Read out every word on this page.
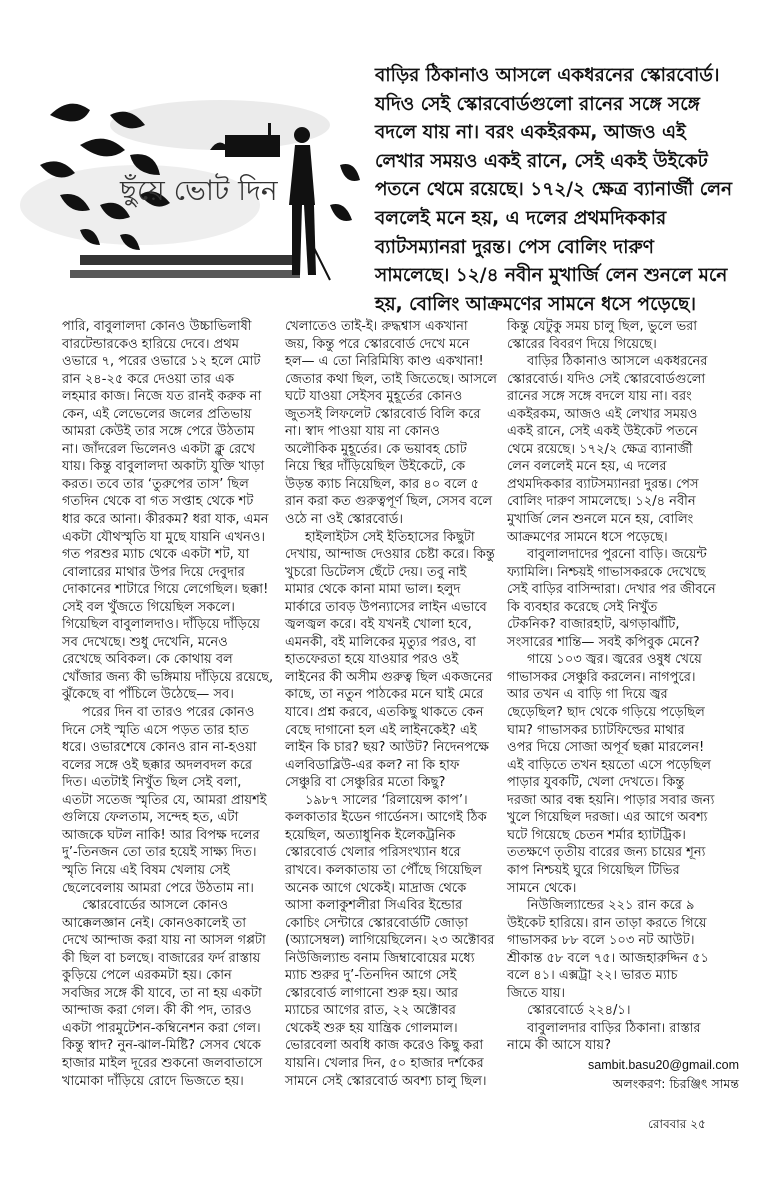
ছুঁয়ে ভোট দিন
বাড়ির ঠিকানাও আসলে একধরনের স্কোরবোর্ড।
যদিও সেই স্কোরবোর্ডগুলো রানের সঙ্গে সঙ্গে
বদলে যায় না। বরং একইরকম, আজও এই
লেখার সময়ও একই রানে, সেই একই উইকেট
পতনে থেমে রয়েছে। ১৭২/২ ক্ষেত্র ব্যানার্জী লেন
বললেই মনে হয়, এ দলের প্রথমদিককার
ব্যাটসম্যানরা দুরন্ত। পেস বোলিং দারুণ
সামলেছে। ১২/৪ নবীন মুখার্জি লেন শুনলে মনে
হয়, বোলিং আক্রমণের সামনে ধসে পড়েছে।
পারি, বাবুলালদা কোনও উচ্চাভিলাষী
বারটেন্ডারকেও হারিয়ে দেবে। প্রথম
ওভারে ৭, পরের ওভারে ১২ হলে মোট
রান ২৪-২৫ করে দেওয়া তার এক
লহমার কাজ। নিজে যত রানই করুক না
কেন, এই লেভেলের জলের প্রতিভায়
আমরা কেউই তার সঙ্গে পেরে উঠতাম
না। জাঁদরেল ভিলেনও একটা ক্লু রেখে
যায়। কিন্তু বাবুলালদা অকাট্য যুক্তি খাড়া
করত। তবে তার ‘তুরুপের তাস’ ছিল
গতদিন থেকে বা গত সপ্তাহ থেকে শট
ধার করে আনা। কীরকম? ধরা যাক, এমন
একটা যৌথস্মৃতি যা মুছে যায়নি এখনও।
গত পরশুর ম্যাচ থেকে একটা শট, যা
বোলারের মাথার উপর দিয়ে দেবুদার
দোকানের শাটারে গিয়ে লেগেছিল। ছক্কা!
সেই বল খুঁজতে গিয়েছিল সকলে।
গিয়েছিল বাবুলালদাও। দাঁড়িয়ে দাঁড়িয়ে
সব দেখেছে। শুধু দেখেনি, মনেও
রেখেছে অবিকল। কে কোথায় বল
খোঁজার জন্য কী ভঙ্গিমায় দাঁড়িয়ে রয়েছে,
ঝুঁকেছে বা পাঁচিলে উঠেছে— সব।
পরের দিন বা তারও পরের কোনও
দিনে সেই স্মৃতি এসে পড়ত তার হাত
ধরে। ওভারশেষে কোনও রান না-হওয়া
বলের সঙ্গে ওই ছক্কার অদলবদল করে
দিত। এতটাই নিখুঁত ছিল সেই বলা,
এতটা সতেজ স্মৃতির যে, আমরা প্রায়শই
গুলিয়ে ফেলতাম, সন্দেহ হত, এটা
আজকে ঘটল নাকি! আর বিপক্ষ দলের
দু’-তিনজন তো তার হয়েই সাক্ষ্য দিত।
স্মৃতি নিয়ে এই বিষম খেলায় সেই
ছেলেবেলায় আমরা পেরে উঠতাম না।
স্কোরবোর্ডের আসলে কোনও
আক্কেলজ্ঞান নেই। কোনওকালেই তা
দেখে আন্দাজ করা যায় না আসল গপ্পটা
কী ছিল বা চলছে। বাজারের ফর্দ রাস্তায়
কুড়িয়ে পেলে এরকমটা হয়। কোন
সবজির সঙ্গে কী যাবে, তা না হয় একটা
আন্দাজ করা গেল। কী কী পদ, তারও
একটা পারমুটেশন-কম্বিনেশন করা গেল।
কিন্তু স্বাদ? নুন-ঝাল-মিষ্টি? সেসব থেকে
হাজার মাইল দূরের শুকনো জলবাতাসে
খামোকা দাঁড়িয়ে রোদে ভিজতে হয়।
খেলাতেও তাই-ই। রুদ্ধশ্বাস একখানা
জয়, কিন্তু পরে স্কোরবোর্ড দেখে মনে
হল— এ তো নিরিমিষ্যি কাণ্ড একখানা!
জেতার কথা ছিল, তাই জিতেছে। আসলে
ঘটে যাওয়া সেইসব মুহূর্তের কোনও
জুতসই লিফলেট স্কোরবোর্ড বিলি করে
না। স্বাদ পাওয়া যায় না কোনও
অলৌকিক মুহূর্তের। কে ভয়াবহ চোট
নিয়ে স্থির দাঁড়িয়েছিল উইকেটে, কে
উড়ন্ত ক্যাচ নিয়েছিল, কার ৪০ বলে ৫
রান করা কত গুরুত্বপূর্ণ ছিল, সেসব বলে
ওঠে না ওই স্কোরবোর্ড।
হাইলাইটস সেই ইতিহাসের কিছুটা
দেখায়, আন্দাজ দেওয়ার চেষ্টা করে। কিন্তু
খুচরো ডিটেলস ছেঁটে দেয়। তবু নাই
মামার থেকে কানা মামা ভাল। হলুদ
মার্কারে তাবড় উপন্যাসের লাইন এভাবে
জ্বলজ্বল করে। বই যখনই খোলা হবে,
এমনকী, বই মালিকের মৃত্যুর পরও, বা
হাতফেরতা হয়ে যাওয়ার পরও ওই
লাইনের কী অসীম গুরুত্ব ছিল একজনের
কাছে, তা নতুন পাঠকের মনে ঘাই মেরে
যাবে। প্রশ্ন করবে, এতকিছু থাকতে কেন
বেছে দাগানো হল এই লাইনকেই? এই
লাইন কি চার? ছয়? আউট? নিদেনপক্ষে
এলবিডাব্লিউ-এর কল? না কি হাফ
সেঞ্চুরি বা সেঞ্চুরির মতো কিছু?
১৯৮৭ সালের ‘রিলায়েন্স কাপ’।
কলকাতার ইডেন গার্ডেনস। আগেই ঠিক
হয়েছিল, অত্যাধুনিক ইলেকট্রনিক
স্কোরবোর্ড খেলার পরিসংখ্যান ধরে
রাখবে। কলকাতায় তা পৌঁছে গিয়েছিল
অনেক আগে থেকেই। মাদ্রাজ থেকে
আসা কলাকুশলীরা সিএবির ইন্ডোর
কোচিং সেন্টারে স্কোরবোর্ডটি জোড়া
(অ্যাসেম্বল) লাগিয়েছিলেন। ২৩ অক্টোবর
নিউজিল্যান্ড বনাম জিম্বাবোয়ের মধ্যে
ম্যাচ শুরুর দু’-তিনদিন আগে সেই
স্কোরবোর্ড লাগানো শুরু হয়। আর
ম্যাচের আগের রাত, ২২ অক্টোবর
থেকেই শুরু হয় যান্ত্রিক গোলমাল।
ভোরবেলা অবধি কাজ করেও কিছু করা
যায়নি। খেলার দিন, ৫০ হাজার দর্শকের
সামনে সেই স্কোরবোর্ড অবশ্য চালু ছিল।
কিন্তু যেটুকু সময় চালু ছিল, ভুলে ভরা
স্কোরের বিবরণ দিয়ে গিয়েছে।
বাড়ির ঠিকানাও আসলে একধরনের
স্কোরবোর্ড। যদিও সেই স্কোরবোর্ডগুলো
রানের সঙ্গে সঙ্গে বদলে যায় না। বরং
একইরকম, আজও এই লেখার সময়ও
একই রানে, সেই একই উইকেট পতনে
থেমে রয়েছে। ১৭২/২ ক্ষেত্র ব্যানার্জী
লেন বললেই মনে হয়, এ দলের
প্রথমদিককার ব্যাটসম্যানরা দুরন্ত। পেস
বোলিং দারুণ সামলেছে। ১২/৪ নবীন
মুখার্জি লেন শুনলে মনে হয়, বোলিং
আক্রমণের সামনে ধসে পড়েছে।
বাবুলালদাদের পুরনো বাড়ি। জয়েন্ট
ফ্যামিলি। নিশ্চয়ই গাভাসকরকে দেখেছে
সেই বাড়ির বাসিন্দারা। দেখার পর জীবনে
কি ব্যবহার করেছে সেই নিখুঁত
টেকনিক? বাজারহাট, ঝগড়াঝাঁটি,
সংসারের শান্তি— সবই কপিবুক মেনে?
গায়ে ১০৩ জ্বর। জ্বরের ওষুধ খেয়ে
গাভাসকর সেঞ্চুরি করলেন। নাগপুরে।
আর তখন এ বাড়ি গা দিয়ে জ্বর
ছেড়েছিল? ছাদ থেকে গড়িয়ে পড়েছিল
ঘাম? গাভাসকর চ্যাটফিল্ডের মাথার
ওপর দিয়ে সোজা অপূর্ব ছক্কা মারলেন!
এই বাড়িতে তখন হয়তো এসে পড়েছিল
পাড়ার যুবকটি, খেলা দেখতে। কিন্তু
দরজা আর বন্ধ হয়নি। পাড়ার সবার জন্য
খুলে গিয়েছিল দরজা। এর আগে অবশ্য
ঘটে গিয়েছে চেতন শর্মার হ্যাটট্রিক।
ততক্ষণে তৃতীয় বারের জন্য চায়ের শূন্য
কাপ নিশ্চয়ই ঘুরে গিয়েছিল টিভির
সামনে থেকে।
নিউজিল্যান্ডের ২২১ রান করে ৯
উইকেট হারিয়ে। রান তাড়া করতে গিয়ে
গাভাসকর ৮৮ বলে ১০৩ নট আউট।
শ্রীকান্ত ৫৮ বলে ৭৫। আজহারুদ্দিন ৫১
বলে ৪১। এক্সট্রা ২২। ভারত ম্যাচ
জিতে যায়।
স্কোরবোর্ডে ২২৪/১।
বাবুলালদার বাড়ির ঠিকানা। রাস্তার
নামে কী আসে যায়?
sambit.basu20@gmail.com
অলংকরণ: চিরঞ্জিৎ সামন্ত
রোববার ২৫
